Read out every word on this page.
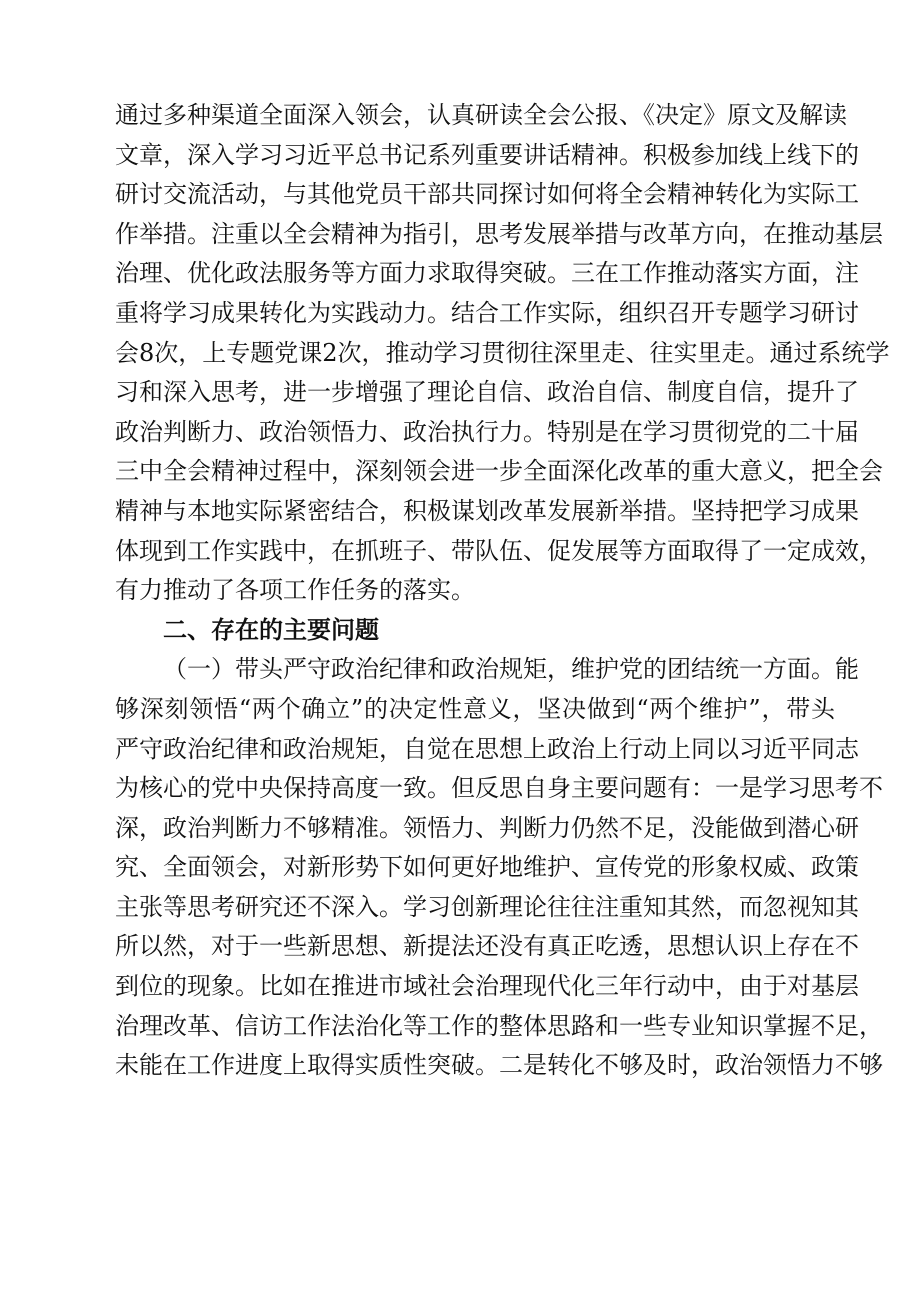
通过多种渠道全面深入领会，认真研读全会公报、《决定》原文及解读
文章，深入学习习近平总书记系列重要讲话精神。积极参加线上线下的
研讨交流活动，与其他党员干部共同探讨如何将全会精神转化为实际工
作举措。注重以全会精神为指引，思考发展举措与改革方向，在推动基层
治理、优化政法服务等方面力求取得突破。三在工作推动落实方面，注
重将学习成果转化为实践动力。结合工作实际，组织召开专题学习研讨
会8次，上专题党课2次，推动学习贯彻往深里走、往实里走。通过系统学
习和深入思考，进一步增强了理论自信、政治自信、制度自信，提升了
政治判断力、政治领悟力、政治执行力。特别是在学习贯彻党的二十届
三中全会精神过程中，深刻领会进一步全面深化改革的重大意义，把全会
精神与本地实际紧密结合，积极谋划改革发展新举措。坚持把学习成果
体现到工作实践中，在抓班子、带队伍、促发展等方面取得了一定成效，
有力推动了各项工作任务的落实。
二、存在的主要问题
（一）带头严守政治纪律和政治规矩，维护党的团结统一方面。能
够深刻领悟“两个确立”的决定性意义，坚决做到“两个维护”，带头
严守政治纪律和政治规矩，自觉在思想上政治上行动上同以习近平同志
为核心的党中央保持高度一致。但反思自身主要问题有：一是学习思考不
深，政治判断力不够精准。领悟力、判断力仍然不足，没能做到潜心研
究、全面领会，对新形势下如何更好地维护、宣传党的形象权威、政策
主张等思考研究还不深入。学习创新理论往往注重知其然，而忽视知其
所以然，对于一些新思想、新提法还没有真正吃透，思想认识上存在不
到位的现象。比如在推进市域社会治理现代化三年行动中，由于对基层
治理改革、信访工作法治化等工作的整体思路和一些专业知识掌握不足，
未能在工作进度上取得实质性突破。二是转化不够及时，政治领悟力不够
